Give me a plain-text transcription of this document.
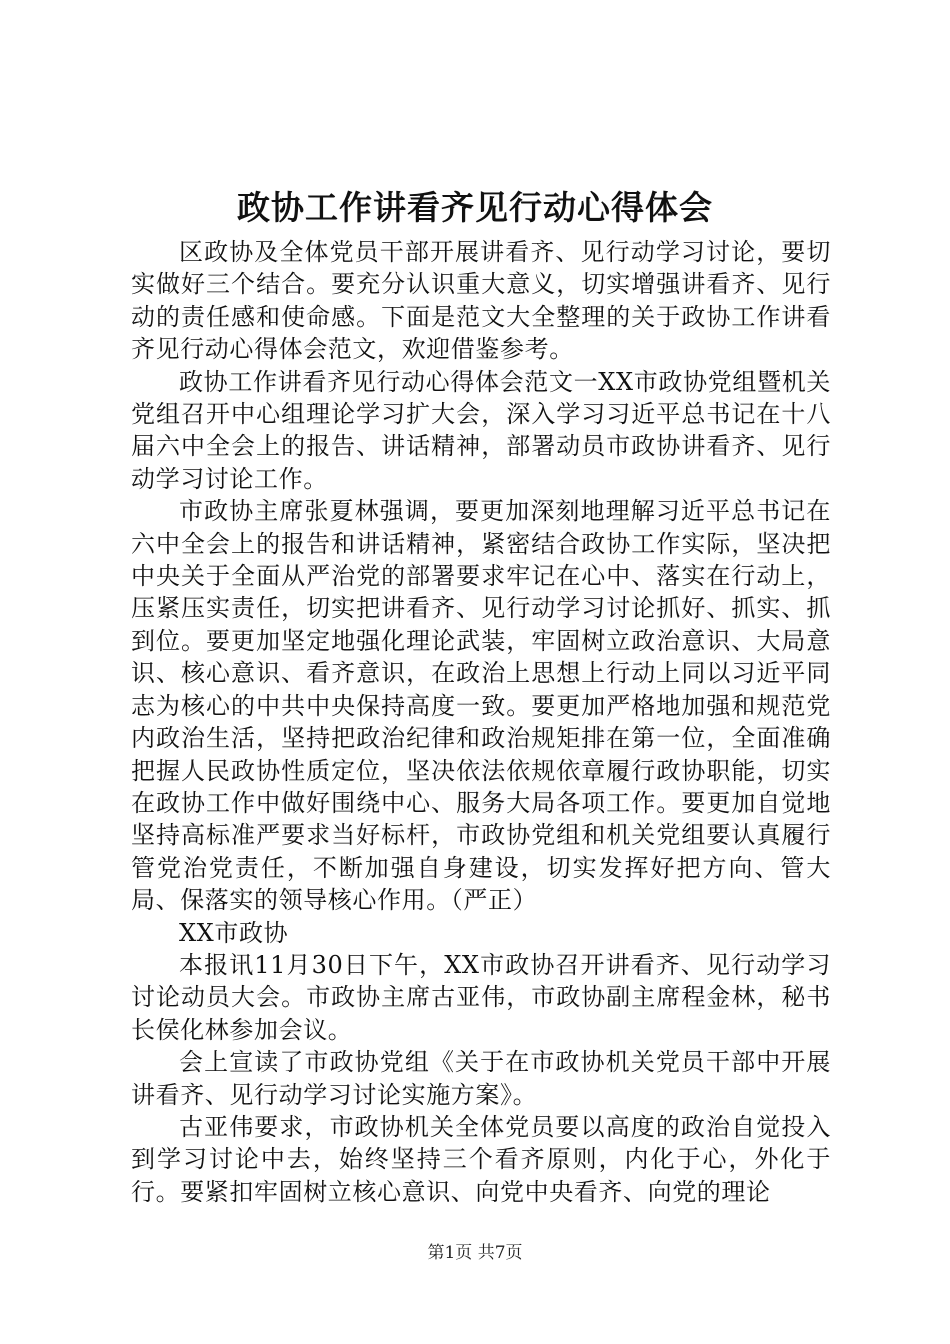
政协工作讲看齐见行动心得体会

区政协及全体党员干部开展讲看齐、见行动学习讨论，要切实做好三个结合。要充分认识重大意义，切实增强讲看齐、见行动的责任感和使命感。下面是范文大全整理的关于政协工作讲看齐见行动心得体会范文，欢迎借鉴参考。

政协工作讲看齐见行动心得体会范文一XX市政协党组暨机关党组召开中心组理论学习扩大会，深入学习习近平总书记在十八届六中全会上的报告、讲话精神，部署动员市政协讲看齐、见行动学习讨论工作。

市政协主席张夏林强调，要更加深刻地理解习近平总书记在六中全会上的报告和讲话精神，紧密结合政协工作实际，坚决把中央关于全面从严治党的部署要求牢记在心中、落实在行动上，压紧压实责任，切实把讲看齐、见行动学习讨论抓好、抓实、抓到位。要更加坚定地强化理论武装，牢固树立政治意识、大局意识、核心意识、看齐意识，在政治上思想上行动上同以习近平同志为核心的中共中央保持高度一致。要更加严格地加强和规范党内政治生活，坚持把政治纪律和政治规矩排在第一位，全面准确把握人民政协性质定位，坚决依法依规依章履行政协职能，切实在政协工作中做好围绕中心、服务大局各项工作。要更加自觉地坚持高标准严要求当好标杆，市政协党组和机关党组要认真履行管党治党责任，不断加强自身建设，切实发挥好把方向、管大局、保落实的领导核心作用。（严正）

XX市政协

本报讯11月30日下午，XX市政协召开讲看齐、见行动学习讨论动员大会。市政协主席古亚伟，市政协副主席程金林，秘书长侯化林参加会议。

会上宣读了市政协党组《关于在市政协机关党员干部中开展讲看齐、见行动学习讨论实施方案》。

古亚伟要求，市政协机关全体党员要以高度的政治自觉投入到学习讨论中去，始终坚持三个看齐原则，内化于心，外化于行。要紧扣牢固树立核心意识、向党中央看齐、向党的理论

第1页 共7页
